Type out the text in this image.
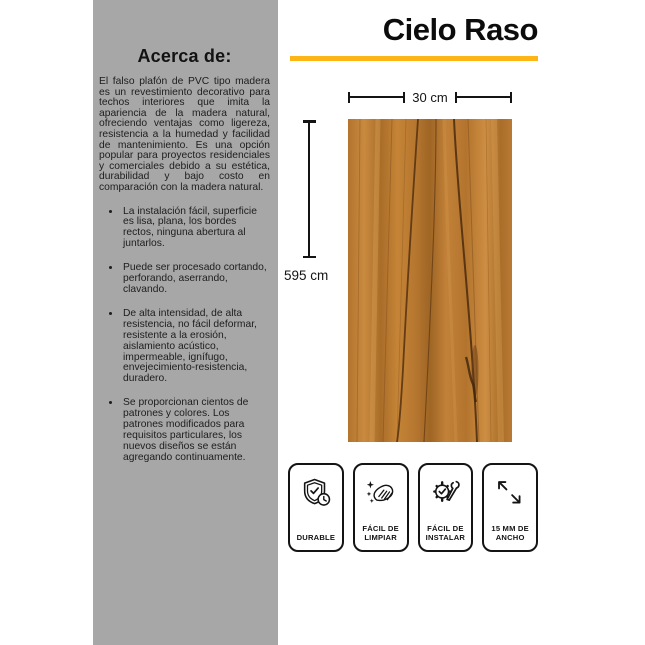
Acerca de:

El falso plafón de PVC tipo madera es un revestimiento decorativo para techos interiores que imita la apariencia de la madera natural, ofreciendo ventajas como ligereza, resistencia a la humedad y facilidad de mantenimiento. Es una opción popular para proyectos residenciales y comerciales debido a su estética, durabilidad y bajo costo en comparación con la madera natural.

• La instalación fácil, superficie es lisa, plana, los bordes rectos, ninguna abertura al juntarlos.
• Puede ser procesado cortando, perforando, aserrando, clavando.
• De alta intensidad, de alta resistencia, no fácil deformar, resistente a la erosión, aislamiento acústico, impermeable, ignífugo, envejecimiento-resistencia, duradero.
• Se proporcionan cientos de patrones y colores. Los patrones modificados para requisitos particulares, los nuevos diseños se están agregando continuamente.
Cielo Raso
30 cm
595 cm
DURABLE
FÁCIL DE LIMPIAR
FÁCIL DE INSTALAR
15 MM DE ANCHO
